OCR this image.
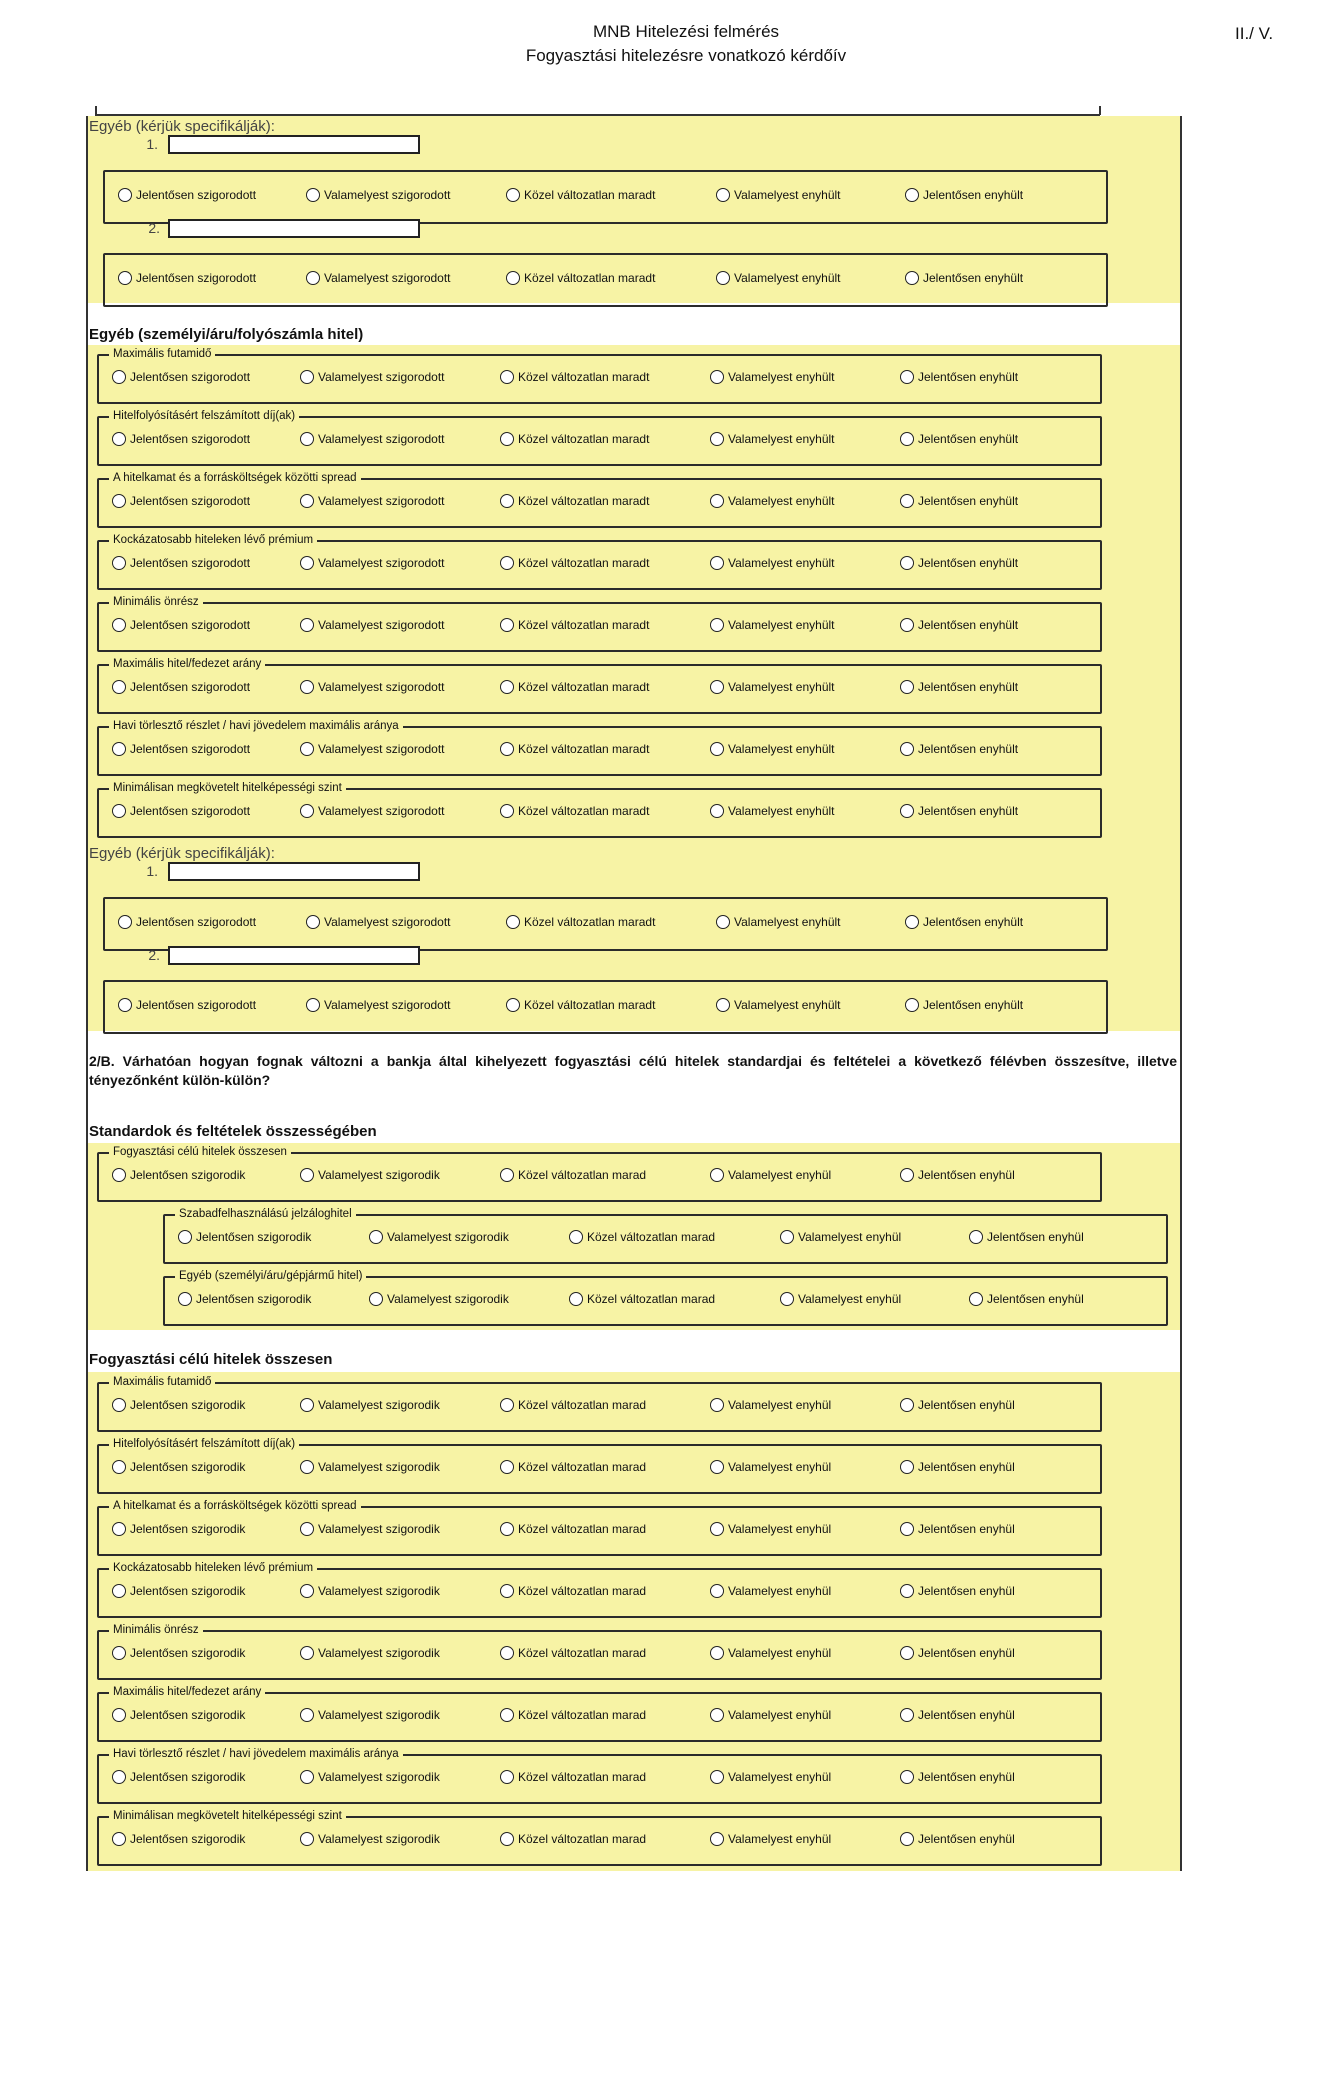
MNB Hitelezési felmérés
Fogyasztási hitelezésre vonatkozó kérdőív
II./ V.
Egyéb (kérjük specifikálják):
1.
Jelentősen szigorodott	Valamelyest szigorodott	Közel változatlan maradt	Valamelyest enyhült	Jelentősen enyhült
2.
Jelentősen szigorodott	Valamelyest szigorodott	Közel változatlan maradt	Valamelyest enyhült	Jelentősen enyhült
Egyéb (személyi/áru/folyószámla hitel)
Maximális futamidő
Jelentősen szigorodott	Valamelyest szigorodott	Közel változatlan maradt	Valamelyest enyhült	Jelentősen enyhült
Hitelfolyósításért felszámított díj(ak)
Jelentősen szigorodott	Valamelyest szigorodott	Közel változatlan maradt	Valamelyest enyhült	Jelentősen enyhült
A hitelkamat és a forrásköltségek közötti spread
Jelentősen szigorodott	Valamelyest szigorodott	Közel változatlan maradt	Valamelyest enyhült	Jelentősen enyhült
Kockázatosabb hiteleken lévő prémium
Jelentősen szigorodott	Valamelyest szigorodott	Közel változatlan maradt	Valamelyest enyhült	Jelentősen enyhült
Minimális önrész
Jelentősen szigorodott	Valamelyest szigorodott	Közel változatlan maradt	Valamelyest enyhült	Jelentősen enyhült
Maximális hitel/fedezet arány
Jelentősen szigorodott	Valamelyest szigorodott	Közel változatlan maradt	Valamelyest enyhült	Jelentősen enyhült
Havi törlesztő részlet / havi jövedelem maximális aránya
Jelentősen szigorodott	Valamelyest szigorodott	Közel változatlan maradt	Valamelyest enyhült	Jelentősen enyhült
Minimálisan megkövetelt hitelképességi szint
Jelentősen szigorodott	Valamelyest szigorodott	Közel változatlan maradt	Valamelyest enyhült	Jelentősen enyhült
Egyéb (kérjük specifikálják):
1.
Jelentősen szigorodott	Valamelyest szigorodott	Közel változatlan maradt	Valamelyest enyhült	Jelentősen enyhült
2.
Jelentősen szigorodott	Valamelyest szigorodott	Közel változatlan maradt	Valamelyest enyhült	Jelentősen enyhült
2/B. Várhatóan hogyan fognak változni a bankja által kihelyezett fogyasztási célú hitelek standardjai és feltételei a következő félévben összesítve, illetve tényezőnként külön-külön?
Standardok és feltételek összességében
Fogyasztási célú hitelek összesen
Jelentősen szigorodik	Valamelyest szigorodik	Közel változatlan marad	Valamelyest enyhül	Jelentősen enyhül
Szabadfelhasználású jelzáloghitel
Jelentősen szigorodik	Valamelyest szigorodik	Közel változatlan marad	Valamelyest enyhül	Jelentősen enyhül
Egyéb (személyi/áru/gépjármű hitel)
Jelentősen szigorodik	Valamelyest szigorodik	Közel változatlan marad	Valamelyest enyhül	Jelentősen enyhül
Fogyasztási célú hitelek összesen
Maximális futamidő
Jelentősen szigorodik	Valamelyest szigorodik	Közel változatlan marad	Valamelyest enyhül	Jelentősen enyhül
Hitelfolyósításért felszámított díj(ak)
Jelentősen szigorodik	Valamelyest szigorodik	Közel változatlan marad	Valamelyest enyhül	Jelentősen enyhül
A hitelkamat és a forrásköltségek közötti spread
Jelentősen szigorodik	Valamelyest szigorodik	Közel változatlan marad	Valamelyest enyhül	Jelentősen enyhül
Kockázatosabb hiteleken lévő prémium
Jelentősen szigorodik	Valamelyest szigorodik	Közel változatlan marad	Valamelyest enyhül	Jelentősen enyhül
Minimális önrész
Jelentősen szigorodik	Valamelyest szigorodik	Közel változatlan marad	Valamelyest enyhül	Jelentősen enyhül
Maximális hitel/fedezet arány
Jelentősen szigorodik	Valamelyest szigorodik	Közel változatlan marad	Valamelyest enyhül	Jelentősen enyhül
Havi törlesztő részlet / havi jövedelem maximális aránya
Jelentősen szigorodik	Valamelyest szigorodik	Közel változatlan marad	Valamelyest enyhül	Jelentősen enyhül
Minimálisan megkövetelt hitelképességi szint
Jelentősen szigorodik	Valamelyest szigorodik	Közel változatlan marad	Valamelyest enyhül	Jelentősen enyhül
